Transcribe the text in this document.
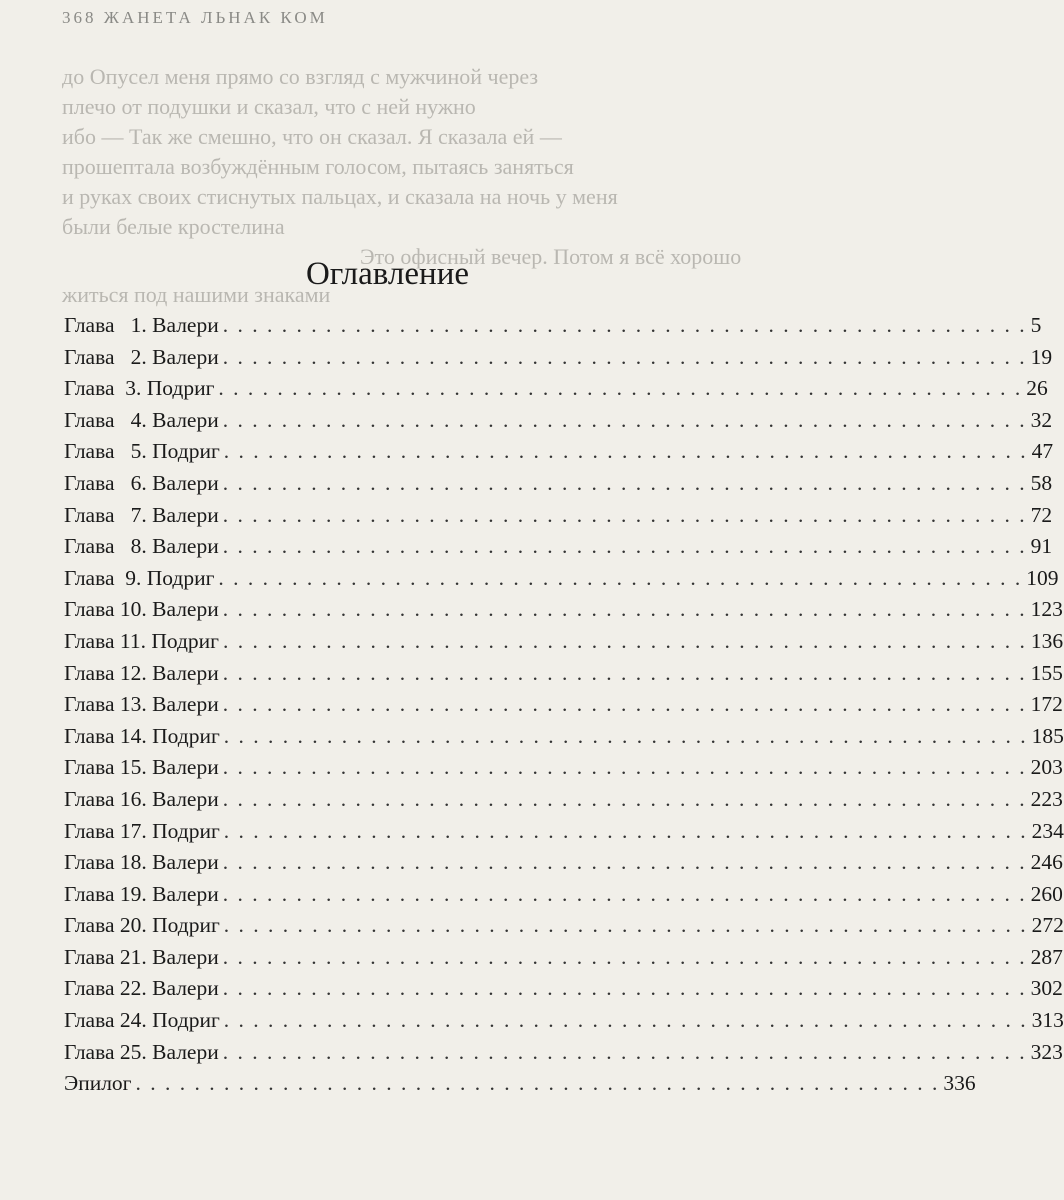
368 ЖАНЕТА ЛЬНАК КОМ
до Опусел меня прямо со взгляд с мужчиной через
плечо от подушки и сказал, что с ней нужно
ибо — Так же смешно, что он сказал. Я сказала ей —
прошептала возбуждённым голосом, пытаясь заняться
и руках своих стиснутых пальцах, и сказала на ночь у меня
были белые кростелина
Это офисный вечер. Потом я всё хорошо
житься под нашими знаками
Оглавление
Глава   1. Валери . . . . . . . . . . . . . . . . . . . . . . . . . . . . . . . . . . . . . . . . . . . . . . . . . . . . . . . 5
Глава   2. Валери . . . . . . . . . . . . . . . . . . . . . . . . . . . . . . . . . . . . . . . . . . . . . . . . . . . . . . . 19
Глава  3. Подриг . . . . . . . . . . . . . . . . . . . . . . . . . . . . . . . . . . . . . . . . . . . . . . . . . . . . . . . 26
Глава   4. Валери . . . . . . . . . . . . . . . . . . . . . . . . . . . . . . . . . . . . . . . . . . . . . . . . . . . . . . . 32
Глава   5. Подриг . . . . . . . . . . . . . . . . . . . . . . . . . . . . . . . . . . . . . . . . . . . . . . . . . . . . . . . 47
Глава   6. Валери . . . . . . . . . . . . . . . . . . . . . . . . . . . . . . . . . . . . . . . . . . . . . . . . . . . . . . . 58
Глава   7. Валери . . . . . . . . . . . . . . . . . . . . . . . . . . . . . . . . . . . . . . . . . . . . . . . . . . . . . . . 72
Глава   8. Валери . . . . . . . . . . . . . . . . . . . . . . . . . . . . . . . . . . . . . . . . . . . . . . . . . . . . . . . 91
Глава  9. Подриг . . . . . . . . . . . . . . . . . . . . . . . . . . . . . . . . . . . . . . . . . . . . . . . . . . . . . . . 109
Глава 10. Валери . . . . . . . . . . . . . . . . . . . . . . . . . . . . . . . . . . . . . . . . . . . . . . . . . . . . . . . 123
Глава 11. Подриг . . . . . . . . . . . . . . . . . . . . . . . . . . . . . . . . . . . . . . . . . . . . . . . . . . . . . . . 136
Глава 12. Валери . . . . . . . . . . . . . . . . . . . . . . . . . . . . . . . . . . . . . . . . . . . . . . . . . . . . . . . 155
Глава 13. Валери . . . . . . . . . . . . . . . . . . . . . . . . . . . . . . . . . . . . . . . . . . . . . . . . . . . . . . . 172
Глава 14. Подриг . . . . . . . . . . . . . . . . . . . . . . . . . . . . . . . . . . . . . . . . . . . . . . . . . . . . . . . 185
Глава 15. Валери . . . . . . . . . . . . . . . . . . . . . . . . . . . . . . . . . . . . . . . . . . . . . . . . . . . . . . . 203
Глава 16. Валери . . . . . . . . . . . . . . . . . . . . . . . . . . . . . . . . . . . . . . . . . . . . . . . . . . . . . . . 223
Глава 17. Подриг . . . . . . . . . . . . . . . . . . . . . . . . . . . . . . . . . . . . . . . . . . . . . . . . . . . . . . . 234
Глава 18. Валери . . . . . . . . . . . . . . . . . . . . . . . . . . . . . . . . . . . . . . . . . . . . . . . . . . . . . . . 246
Глава 19. Валери . . . . . . . . . . . . . . . . . . . . . . . . . . . . . . . . . . . . . . . . . . . . . . . . . . . . . . . 260
Глава 20. Подриг . . . . . . . . . . . . . . . . . . . . . . . . . . . . . . . . . . . . . . . . . . . . . . . . . . . . . . . 272
Глава 21. Валери . . . . . . . . . . . . . . . . . . . . . . . . . . . . . . . . . . . . . . . . . . . . . . . . . . . . . . . 287
Глава 22. Валери . . . . . . . . . . . . . . . . . . . . . . . . . . . . . . . . . . . . . . . . . . . . . . . . . . . . . . . 302
Глава 24. Подриг . . . . . . . . . . . . . . . . . . . . . . . . . . . . . . . . . . . . . . . . . . . . . . . . . . . . . . . 313
Глава 25. Валери . . . . . . . . . . . . . . . . . . . . . . . . . . . . . . . . . . . . . . . . . . . . . . . . . . . . . . . 323
Эпилог . . . . . . . . . . . . . . . . . . . . . . . . . . . . . . . . . . . . . . . . . . . . . . . . . . . . . . . 336
